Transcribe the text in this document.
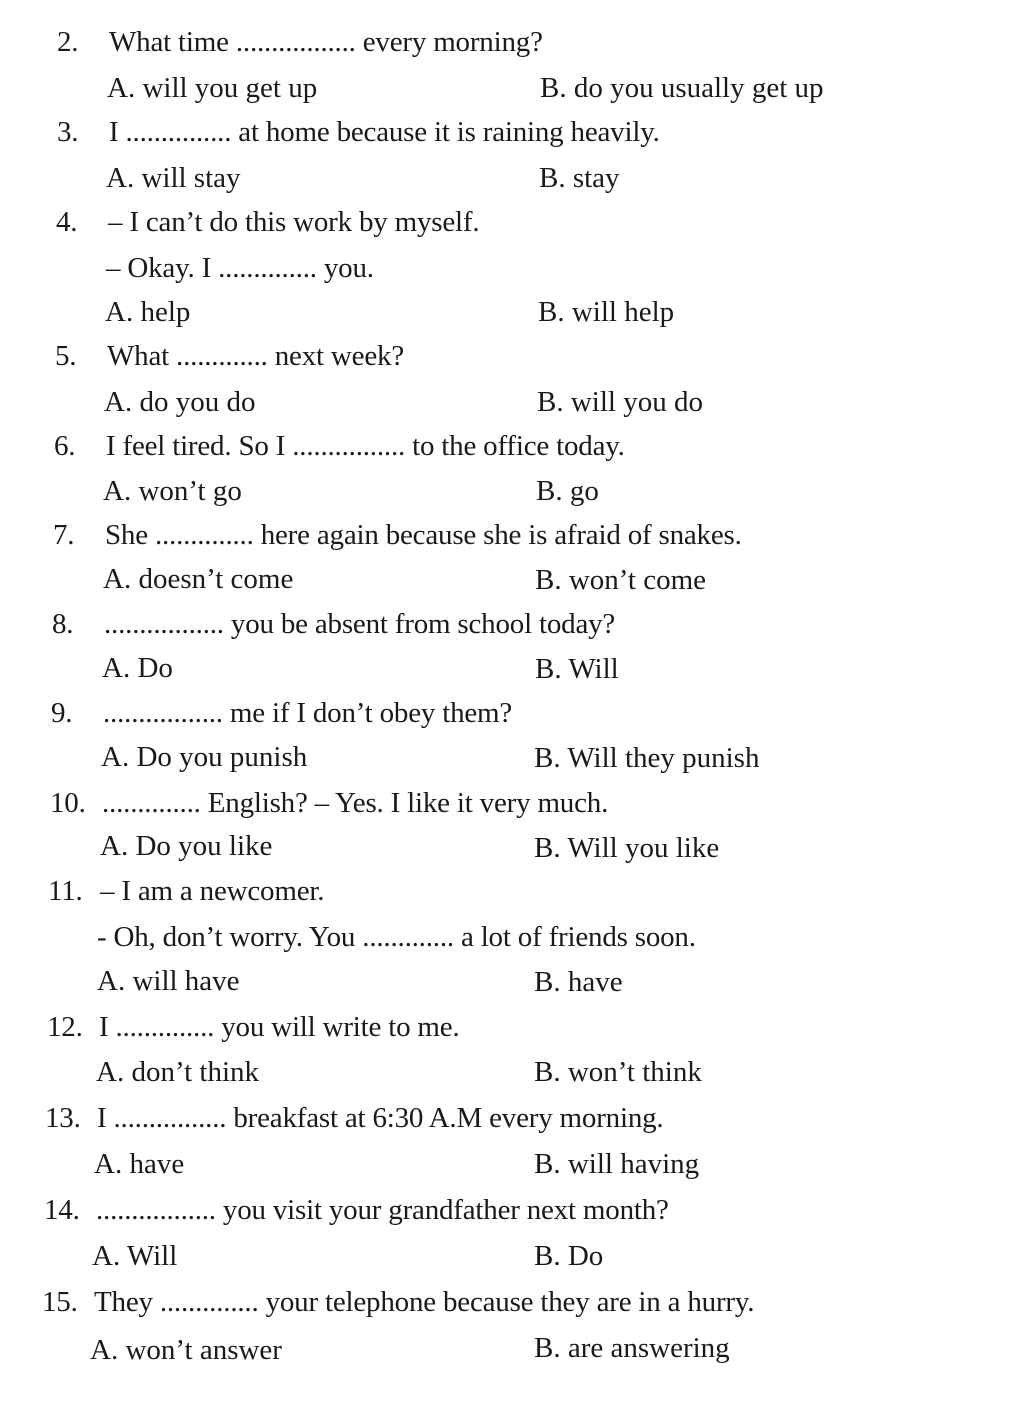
2. What time ................. every morning?
A. will you get up	B. do you usually get up
3. I ............... at home because it is raining heavily.
A. will stay	B. stay
4. – I can’t do this work by myself.
– Okay. I .............. you.
A. help	B. will help
5. What ............. next week?
A. do you do	B. will you do
6. I feel tired. So I ................ to the office today.
A. won’t go	B. go
7. She .............. here again because she is afraid of snakes.
A. doesn’t come	B. won’t come
8. ................. you be absent from school today?
A. Do	B. Will
9. ................. me if I don’t obey them?
A. Do you punish	B. Will they punish
10. .............. English? – Yes. I like it very much.
A. Do you like	B. Will you like
11. – I am a newcomer.
- Oh, don’t worry. You ............. a lot of friends soon.
A. will have	B. have
12. I .............. you will write to me.
A. don’t think	B. won’t think
13. I ................ breakfast at 6:30 A.M every morning.
A. have	B. will having
14. ................. you visit your grandfather next month?
A. Will	B. Do
15. They .............. your telephone because they are in a hurry.
A. won’t answer	B. are answering
